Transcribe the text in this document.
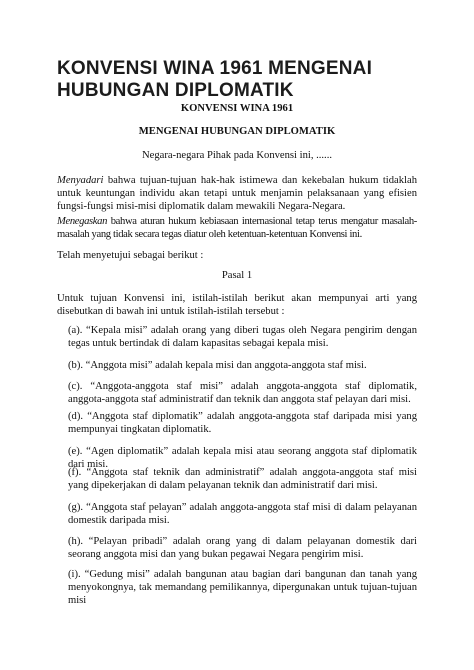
KONVENSI WINA 1961 MENGENAI HUBUNGAN DIPLOMATIK
KONVENSI WINA 1961
MENGENAI HUBUNGAN DIPLOMATIK
Negara-negara Pihak pada Konvensi ini, ......
Menyadari bahwa tujuan-tujuan hak-hak istimewa dan kekebalan hukum tidaklah untuk keuntungan individu akan tetapi untuk menjamin pelaksanaan yang efisien fungsi-fungsi misi-misi diplomatik dalam mewakili Negara-Negara.
Menegaskan bahwa aturan hukum kebiasaan internasional tetap terus mengatur masalah-masalah yang tidak secara tegas diatur oleh ketentuan-ketentuan Konvensi ini.
Telah menyetujui sebagai berikut :
Pasal 1
Untuk tujuan Konvensi ini, istilah-istilah berikut akan mempunyai arti yang disebutkan di bawah ini untuk istilah-istilah tersebut :
(a). “Kepala misi” adalah orang yang diberi tugas oleh Negara pengirim dengan tegas untuk bertindak di dalam kapasitas sebagai kepala misi.
(b). “Anggota misi” adalah kepala misi dan anggota-anggota staf misi.
(c). “Anggota-anggota staf misi” adalah anggota-anggota staf diplomatik, anggota-anggota staf administratif dan teknik dan anggota staf pelayan dari misi.
(d). “Anggota staf diplomatik” adalah anggota-anggota staf daripada misi yang mempunyai tingkatan diplomatik.
(e). “Agen diplomatik” adalah kepala misi atau seorang anggota staf diplomatik dari misi.
(f). “Anggota staf teknik dan administratif” adalah anggota-anggota staf misi yang dipekerjakan di dalam pelayanan teknik dan administratif dari misi.
(g). “Anggota staf pelayan” adalah anggota-anggota staf misi di dalam pelayanan domestik daripada misi.
(h). “Pelayan pribadi” adalah orang yang di dalam pelayanan domestik dari seorang anggota misi dan yang bukan pegawai Negara pengirim misi.
(i). “Gedung misi” adalah bangunan atau bagian dari bangunan dan tanah yang menyokongnya, tak memandang pemilikannya, dipergunakan untuk tujuan-tujuan misi
